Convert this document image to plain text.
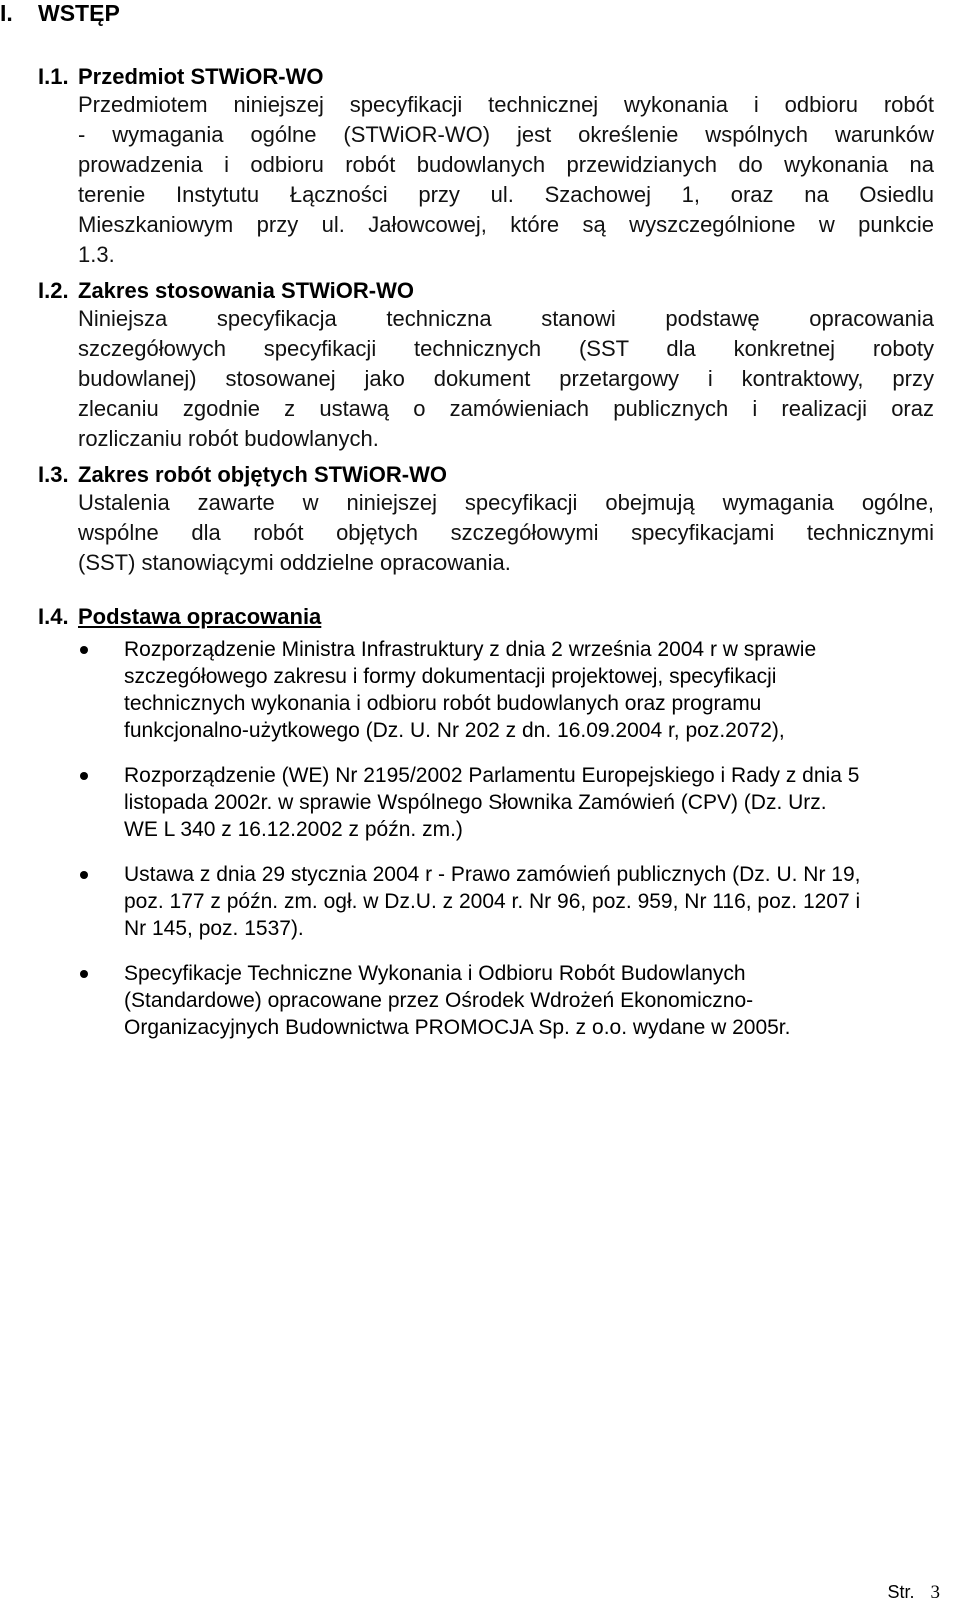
I. WSTĘP
I.1. Przedmiot STWiOR-WO
Przedmiotem niniejszej specyfikacji technicznej wykonania i odbioru robót
- wymagania ogólne (STWiOR-WO) jest określenie wspólnych warunków
prowadzenia i odbioru robót budowlanych przewidzianych do wykonania na
terenie Instytutu Łączności przy ul. Szachowej 1, oraz na Osiedlu
Mieszkaniowym przy ul. Jałowcowej, które są wyszczególnione w punkcie
1.3.
I.2. Zakres stosowania STWiOR-WO
Niniejsza specyfikacja techniczna stanowi podstawę opracowania
szczegółowych specyfikacji technicznych (SST dla konkretnej roboty
budowlanej) stosowanej jako dokument przetargowy i kontraktowy, przy
zlecaniu zgodnie z ustawą o zamówieniach publicznych i realizacji oraz
rozliczaniu robót budowlanych.
I.3. Zakres robót objętych STWiOR-WO
Ustalenia zawarte w niniejszej specyfikacji obejmują wymagania ogólne,
wspólne dla robót objętych szczegółowymi specyfikacjami technicznymi
(SST) stanowiącymi oddzielne opracowania.
I.4. Podstawa opracowania
Rozporządzenie Ministra Infrastruktury z dnia 2 września 2004 r w sprawie
szczegółowego zakresu i formy dokumentacji projektowej, specyfikacji
technicznych wykonania i odbioru robót budowlanych oraz programu
funkcjonalno-użytkowego (Dz. U. Nr 202 z dn. 16.09.2004 r, poz.2072),
Rozporządzenie (WE) Nr 2195/2002 Parlamentu Europejskiego i Rady z dnia 5
listopada 2002r. w sprawie Wspólnego Słownika Zamówień (CPV) (Dz. Urz.
WE L 340 z 16.12.2002 z późn. zm.)
Ustawa z dnia 29 stycznia 2004 r - Prawo zamówień publicznych (Dz. U. Nr 19,
poz. 177 z późn. zm. ogł. w Dz.U. z 2004 r. Nr 96, poz. 959, Nr 116, poz. 1207 i
Nr 145, poz. 1537).
Specyfikacje Techniczne Wykonania i Odbioru Robót Budowlanych
(Standardowe) opracowane przez Ośrodek Wdrożeń Ekonomiczno-
Organizacyjnych Budownictwa PROMOCJA Sp. z o.o. wydane w 2005r.
Str. 3
